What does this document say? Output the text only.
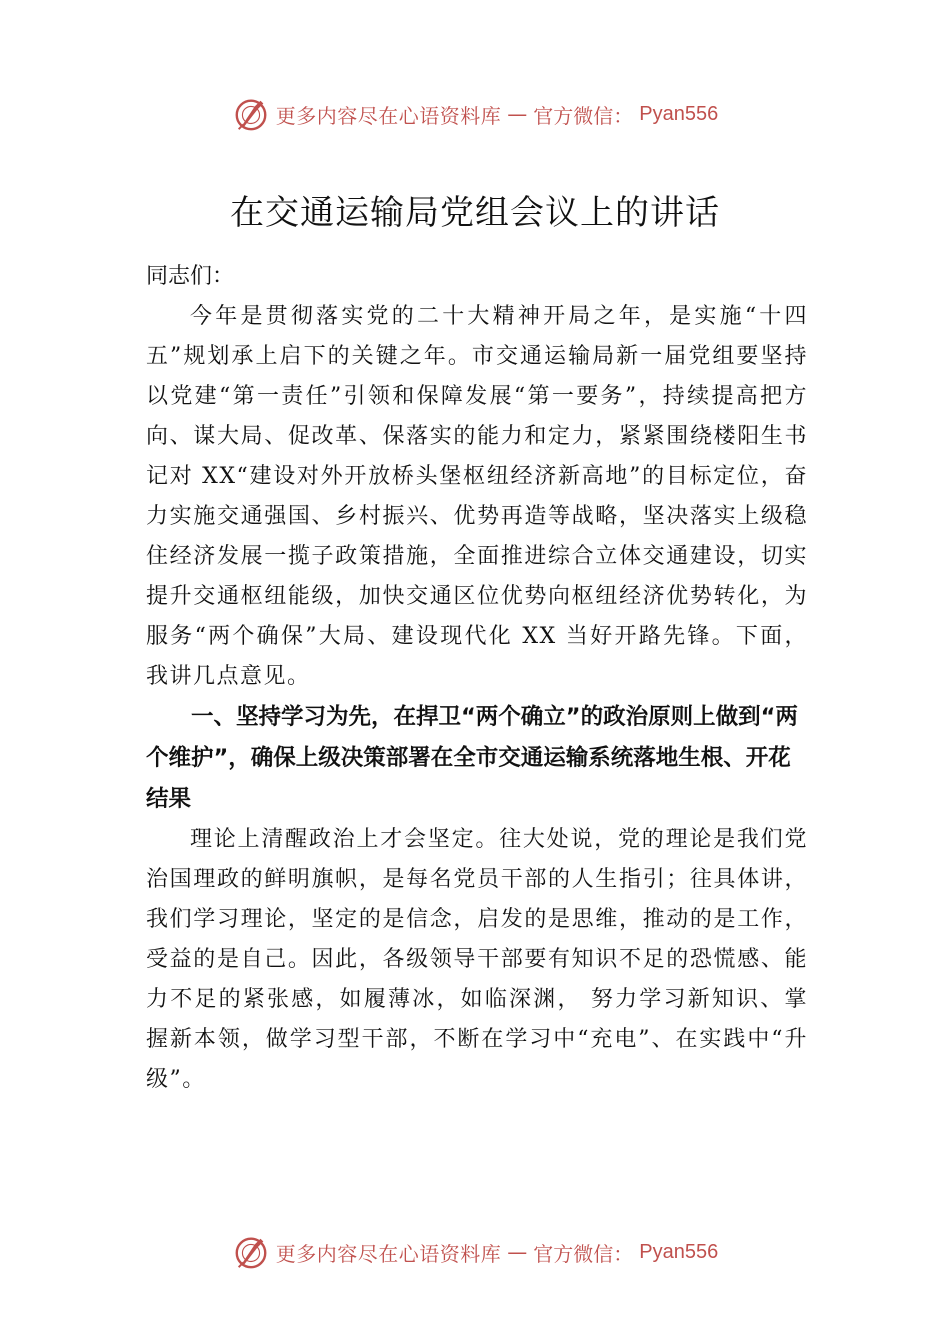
更多内容尽在心语资料库 — 官方微信： Pyan556
在交通运输局党组会议上的讲话

同志们：

今年是贯彻落实党的二十大精神开局之年，是实施“十四五”规划承上启下的关键之年。市交通运输局新一届党组要坚持以党建“第一责任”引领和保障发展“第一要务”，持续提高把方向、谋大局、促改革、保落实的能力和定力，紧紧围绕楼阳生书记对 XX“建设对外开放桥头堡枢纽经济新高地”的目标定位，奋力实施交通强国、乡村振兴、优势再造等战略，坚决落实上级稳住经济发展一揽子政策措施，全面推进综合立体交通建设，切实提升交通枢纽能级，加快交通区位优势向枢纽经济优势转化，为服务“两个确保”大局、建设现代化 XX 当好开路先锋。下面，我讲几点意见。

一、坚持学习为先，在捍卫“两个确立”的政治原则上做到“两个维护”，确保上级决策部署在全市交通运输系统落地生根、开花结果

理论上清醒政治上才会坚定。往大处说，党的理论是我们党治国理政的鲜明旗帜，是每名党员干部的人生指引；往具体讲，我们学习理论，坚定的是信念，启发的是思维，推动的是工作，受益的是自己。因此，各级领导干部要有知识不足的恐慌感、能力不足的紧张感，如履薄冰，如临深渊， 努力学习新知识、掌握新本领，做学习型干部，不断在学习中“充电”、在实践中“升级”。

更多内容尽在心语资料库 — 官方微信： Pyan556
